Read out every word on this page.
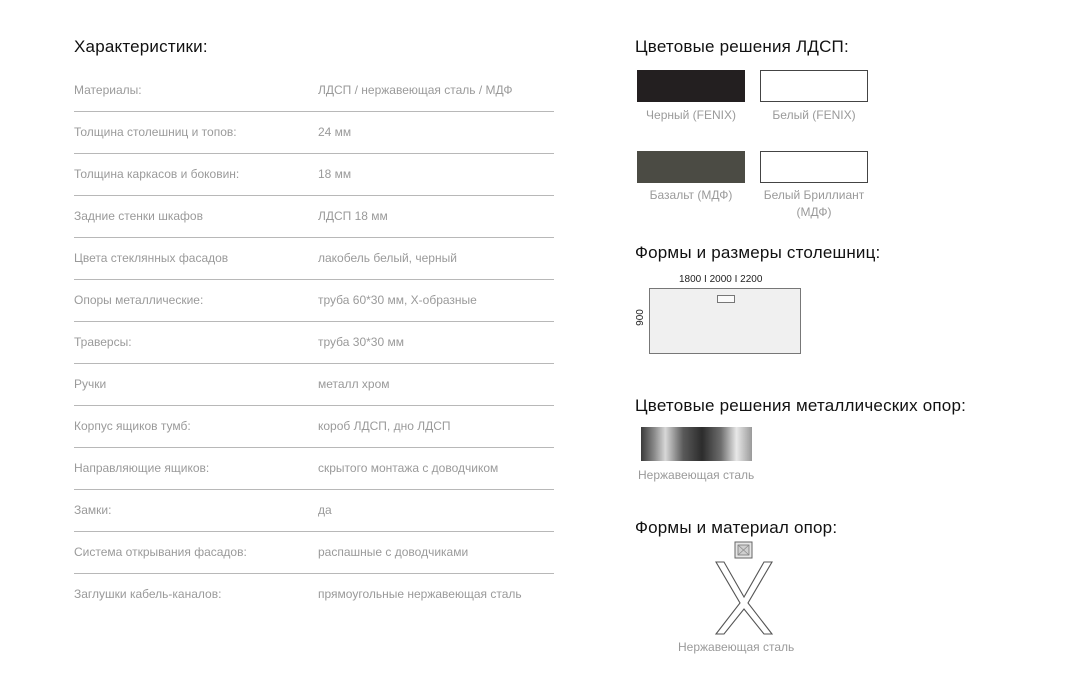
Характеристики:
Материалы:	ЛДСП / нержавеющая сталь / МДФ
Толщина столешниц и топов:	24 мм
Толщина каркасов и боковин:	18 мм
Задние стенки шкафов	ЛДСП 18 мм
Цвета стеклянных фасадов	лакобель белый, черный
Опоры металлические:	труба 60*30 мм, X-образные
Траверсы:	труба 30*30 мм
Ручки	металл хром
Корпус ящиков тумб:	короб ЛДСП, дно ЛДСП
Направляющие ящиков:	скрытого монтажа с доводчиком
Замки:	да
Система открывания фасадов:	распашные с доводчиками
Заглушки кабель-каналов:	прямоугольные нержавеющая сталь
Цветовые решения ЛДСП:
Черный (FENIX)	Белый (FENIX)
Базальт (МДФ)	Белый Бриллиант
(МДФ)
Формы и размеры столешниц:
1800 I 2000 I 2200
900
Цветовые решения металлических опор:
Нержавеющая сталь
Формы и материал опор:
Нержавеющая сталь
